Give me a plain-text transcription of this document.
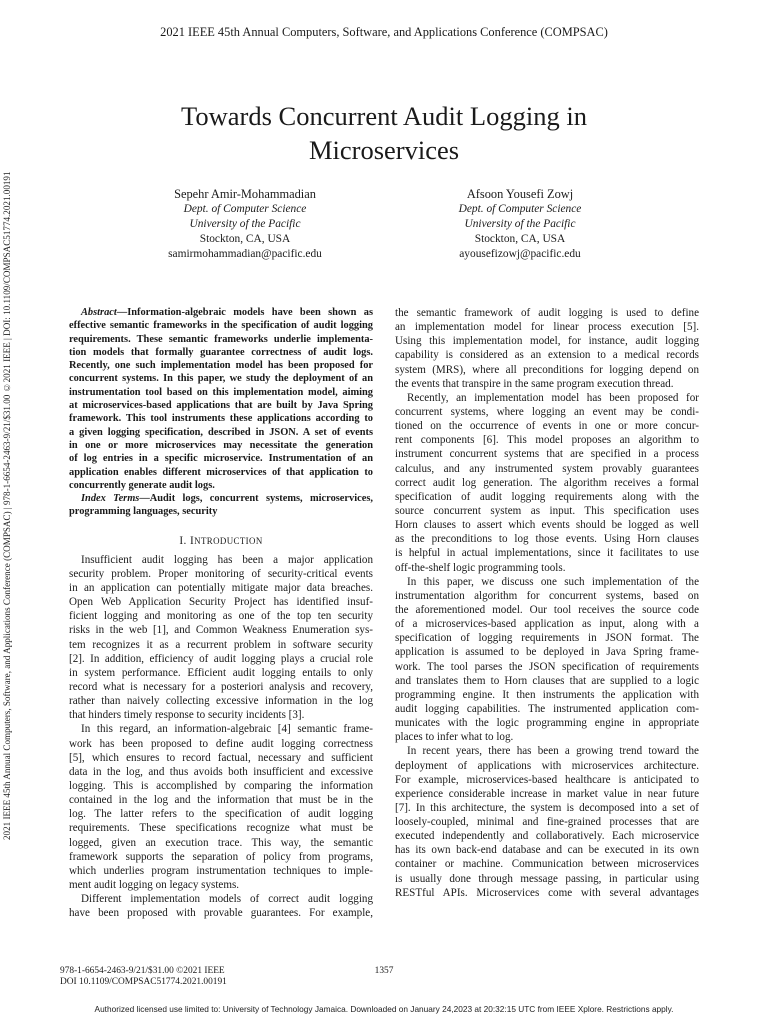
2021 IEEE 45th Annual Computers, Software, and Applications Conference (COMPSAC)
2021 IEEE 45th Annual Computers, Software, and Applications Conference (COMPSAC) | 978-1-6654-2463-9/21/$31.00 ©2021 IEEE | DOI: 10.1109/COMPSAC51774.2021.00191
Towards Concurrent Audit Logging in
Microservices
Sepehr Amir-Mohammadian
Dept. of Computer Science
University of the Pacific
Stockton, CA, USA
samirmohammadian@pacific.edu
Afsoon Yousefi Zowj
Dept. of Computer Science
University of the Pacific
Stockton, CA, USA
ayousefizowj@pacific.edu
Abstract—Information-algebraic models have been shown as
effective semantic frameworks in the specification of audit logging
requirements. These semantic frameworks underlie implementa-
tion models that formally guarantee correctness of audit logs.
Recently, one such implementation model has been proposed for
concurrent systems. In this paper, we study the deployment of an
instrumentation tool based on this implementation model, aiming
at microservices-based applications that are built by Java Spring
framework. This tool instruments these applications according to
a given logging specification, described in JSON. A set of events
in one or more microservices may necessitate the generation
of log entries in a specific microservice. Instrumentation of an
application enables different microservices of that application to
concurrently generate audit logs.
Index Terms—Audit logs, concurrent systems, microservices,
programming languages, security
I. INTRODUCTION
Insufficient audit logging has been a major application
security problem. Proper monitoring of security-critical events
in an application can potentially mitigate major data breaches.
Open Web Application Security Project has identified insuf-
ficient logging and monitoring as one of the top ten security
risks in the web [1], and Common Weakness Enumeration sys-
tem recognizes it as a recurrent problem in software security
[2]. In addition, efficiency of audit logging plays a crucial role
in system performance. Efficient audit logging entails to only
record what is necessary for a posteriori analysis and recovery,
rather than naively collecting excessive information in the log
that hinders timely response to security incidents [3].
In this regard, an information-algebraic [4] semantic frame-
work has been proposed to define audit logging correctness
[5], which ensures to record factual, necessary and sufficient
data in the log, and thus avoids both insufficient and excessive
logging. This is accomplished by comparing the information
contained in the log and the information that must be in the
log. The latter refers to the specification of audit logging
requirements. These specifications recognize what must be
logged, given an execution trace. This way, the semantic
framework supports the separation of policy from programs,
which underlies program instrumentation techniques to imple-
ment audit logging on legacy systems.
Different implementation models of correct audit logging
have been proposed with provable guarantees. For example,
the semantic framework of audit logging is used to define
an implementation model for linear process execution [5].
Using this implementation model, for instance, audit logging
capability is considered as an extension to a medical records
system (MRS), where all preconditions for logging depend on
the events that transpire in the same program execution thread.
Recently, an implementation model has been proposed for
concurrent systems, where logging an event may be condi-
tioned on the occurrence of events in one or more concur-
rent components [6]. This model proposes an algorithm to
instrument concurrent systems that are specified in a process
calculus, and any instrumented system provably guarantees
correct audit log generation. The algorithm receives a formal
specification of audit logging requirements along with the
source concurrent system as input. This specification uses
Horn clauses to assert which events should be logged as well
as the preconditions to log those events. Using Horn clauses
is helpful in actual implementations, since it facilitates to use
off-the-shelf logic programming tools.
In this paper, we discuss one such implementation of the
instrumentation algorithm for concurrent systems, based on
the aforementioned model. Our tool receives the source code
of a microservices-based application as input, along with a
specification of logging requirements in JSON format. The
application is assumed to be deployed in Java Spring frame-
work. The tool parses the JSON specification of requirements
and translates them to Horn clauses that are supplied to a logic
programming engine. It then instruments the application with
audit logging capabilities. The instrumented application com-
municates with the logic programming engine in appropriate
places to infer what to log.
In recent years, there has been a growing trend toward the
deployment of applications with microservices architecture.
For example, microservices-based healthcare is anticipated to
experience considerable increase in market value in near future
[7]. In this architecture, the system is decomposed into a set of
loosely-coupled, minimal and fine-grained processes that are
executed independently and collaboratively. Each microservice
has its own back-end database and can be executed in its own
container or machine. Communication between microservices
is usually done through message passing, in particular using
RESTful APIs. Microservices come with several advantages
978-1-6654-2463-9/21/$31.00 ©2021 IEEE
DOI 10.1109/COMPSAC51774.2021.00191
1357
Authorized licensed use limited to: University of Technology Jamaica. Downloaded on January 24,2023 at 20:32:15 UTC from IEEE Xplore. Restrictions apply.
